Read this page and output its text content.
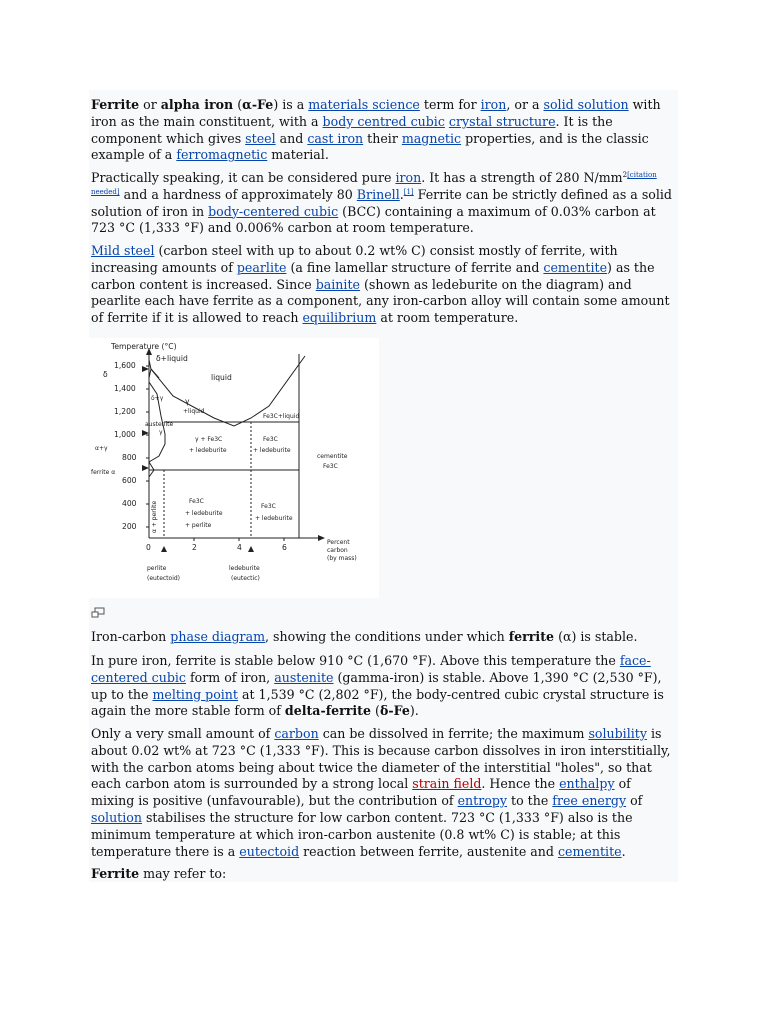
Ferrite or alpha iron (α-Fe) is a materials science term for iron, or a solid solution with iron as the main constituent, with a body centred cubic crystal structure. It is the component which gives steel and cast iron their magnetic properties, and is the classic example of a ferromagnetic material.

Practically speaking, it can be considered pure iron. It has a strength of 280 N/mm$^{2[citation needed]}$ and a hardness of approximately 80 Brinell.[1] Ferrite can be strictly defined as a solid solution of iron in body-centered cubic (BCC) containing a maximum of 0.03% carbon at 723 °C (1,333 °F) and 0.006% carbon at room temperature.

Mild steel (carbon steel with up to about 0.2 wt% C) consist mostly of ferrite, with increasing amounts of pearlite (a fine lamellar structure of ferrite and cementite) as the carbon content is increased. Since bainite (shown as ledeburite on the diagram) and pearlite each have ferrite as a component, any iron-carbon alloy will contain some amount of ferrite if it is allowed to reach equilibrium at room temperature.

Temperature (°C)
1,600
1,400
1,200
1,000
800
600
400
200
0	2	4	6
δ+liquid
δ
δ+γ
liquid
γ
+liquid
Fe3C+liquid
austenite
γ
α+γ
ferrite α
γ + Fe3C
+ ledeburite
Fe3C
+ ledeburite
cementite
Fe3C
α + perlite	Fe3C
+ ledeburite
+ perlite
Fe3C
+ ledeburite
Percent
carbon
(by mass)
perlite
(eutectoid)
ledeburite
(eutectic)

Iron-carbon phase diagram, showing the conditions under which ferrite (α) is stable.

In pure iron, ferrite is stable below 910 °C (1,670 °F). Above this temperature the face-centered cubic form of iron, austenite (gamma-iron) is stable. Above 1,390 °C (2,530 °F), up to the melting point at 1,539 °C (2,802 °F), the body-centred cubic crystal structure is again the more stable form of delta-ferrite (δ-Fe).

Only a very small amount of carbon can be dissolved in ferrite; the maximum solubility is about 0.02 wt% at 723 °C (1,333 °F). This is because carbon dissolves in iron interstitially, with the carbon atoms being about twice the diameter of the interstitial "holes", so that each carbon atom is surrounded by a strong local strain field. Hence the enthalpy of mixing is positive (unfavourable), but the contribution of entropy to the free energy of solution stabilises the structure for low carbon content. 723 °C (1,333 °F) also is the minimum temperature at which iron-carbon austenite (0.8 wt% C) is stable; at this temperature there is a eutectoid reaction between ferrite, austenite and cementite.

Ferrite may refer to:
